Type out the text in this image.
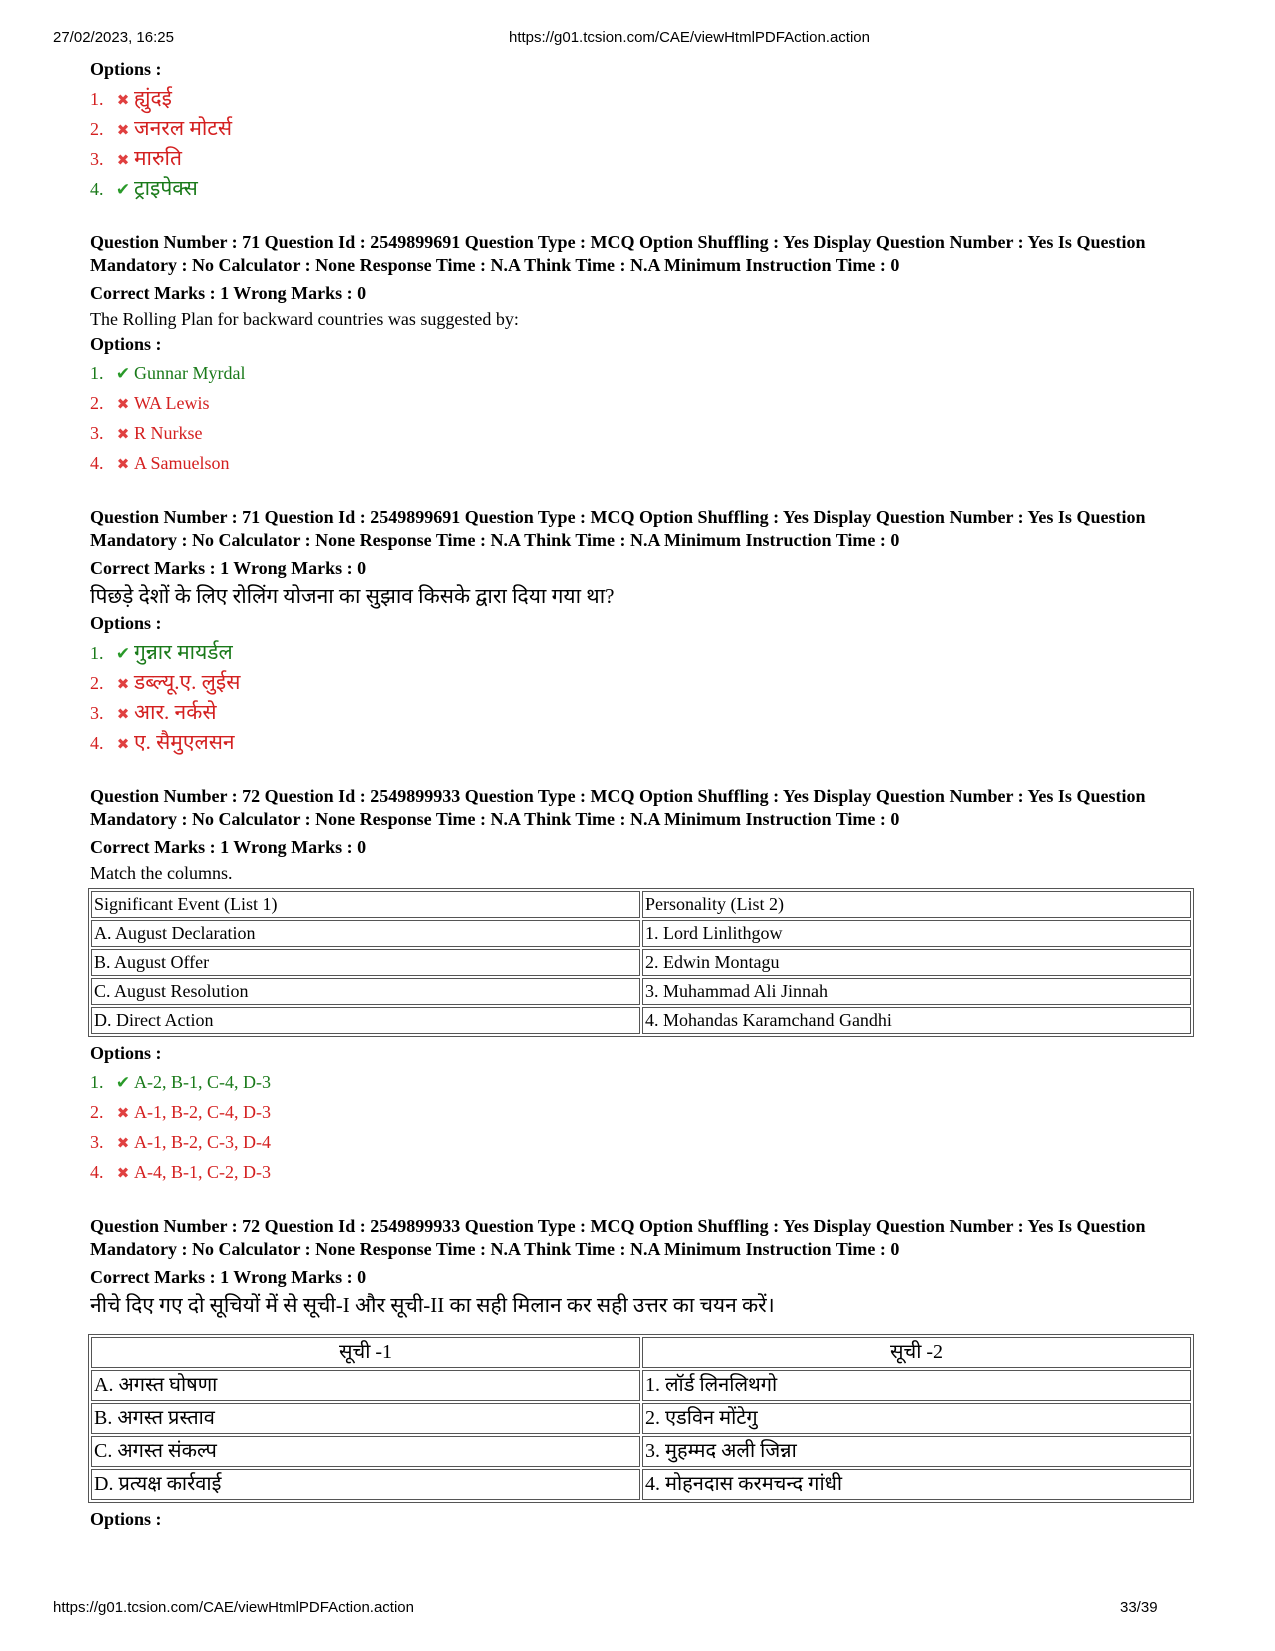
27/02/2023, 16:25	https://g01.tcsion.com/CAE/viewHtmlPDFAction.action

Options :

1. ✖ ह्युंदई
2. ✖ जनरल मोटर्स
3. ✖ मारुति
4. ✔ ट्राइपेक्स

Question Number : 71 Question Id : 2549899691 Question Type : MCQ Option Shuffling : Yes Display Question Number : Yes Is Question Mandatory : No Calculator : None Response Time : N.A Think Time : N.A Minimum Instruction Time : 0

Correct Marks : 1 Wrong Marks : 0

The Rolling Plan for backward countries was suggested by:

Options :

1. ✔ Gunnar Myrdal
2. ✖ WA Lewis
3. ✖ R Nurkse
4. ✖ A Samuelson

Question Number : 71 Question Id : 2549899691 Question Type : MCQ Option Shuffling : Yes Display Question Number : Yes Is Question Mandatory : No Calculator : None Response Time : N.A Think Time : N.A Minimum Instruction Time : 0

Correct Marks : 1 Wrong Marks : 0

पिछड़े देशों के लिए रोलिंग योजना का सुझाव किसके द्वारा दिया गया था?

Options :

1. ✔ गुन्नार मायर्डल
2. ✖ डब्ल्यू.ए. लुईस
3. ✖ आर. नर्कसे
4. ✖ ए. सैमुएलसन

Question Number : 72 Question Id : 2549899933 Question Type : MCQ Option Shuffling : Yes Display Question Number : Yes Is Question Mandatory : No Calculator : None Response Time : N.A Think Time : N.A Minimum Instruction Time : 0

Correct Marks : 1 Wrong Marks : 0

Match the columns.

Significant Event (List 1)	Personality (List 2)
A. August Declaration	1. Lord Linlithgow
B. August Offer	2. Edwin Montagu
C. August Resolution	3. Muhammad Ali Jinnah
D. Direct Action	4. Mohandas Karamchand Gandhi

Options :

1. ✔ A-2, B-1, C-4, D-3
2. ✖ A-1, B-2, C-4, D-3
3. ✖ A-1, B-2, C-3, D-4
4. ✖ A-4, B-1, C-2, D-3

Question Number : 72 Question Id : 2549899933 Question Type : MCQ Option Shuffling : Yes Display Question Number : Yes Is Question Mandatory : No Calculator : None Response Time : N.A Think Time : N.A Minimum Instruction Time : 0

Correct Marks : 1 Wrong Marks : 0

नीचे दिए गए दो सूचियों में से सूची-I और सूची-II का सही मिलान कर सही उत्तर का चयन करें।

सूची -1	सूची -2
A. अगस्त घोषणा	1. लॉर्ड लिनलिथगो
B. अगस्त प्रस्ताव	2. एडविन मोंटेगु
C. अगस्त संकल्प	3. मुहम्मद अली जिन्ना
D. प्रत्यक्ष कार्रवाई	4. मोहनदास करमचन्द गांधी

Options :

https://g01.tcsion.com/CAE/viewHtmlPDFAction.action	33/39
